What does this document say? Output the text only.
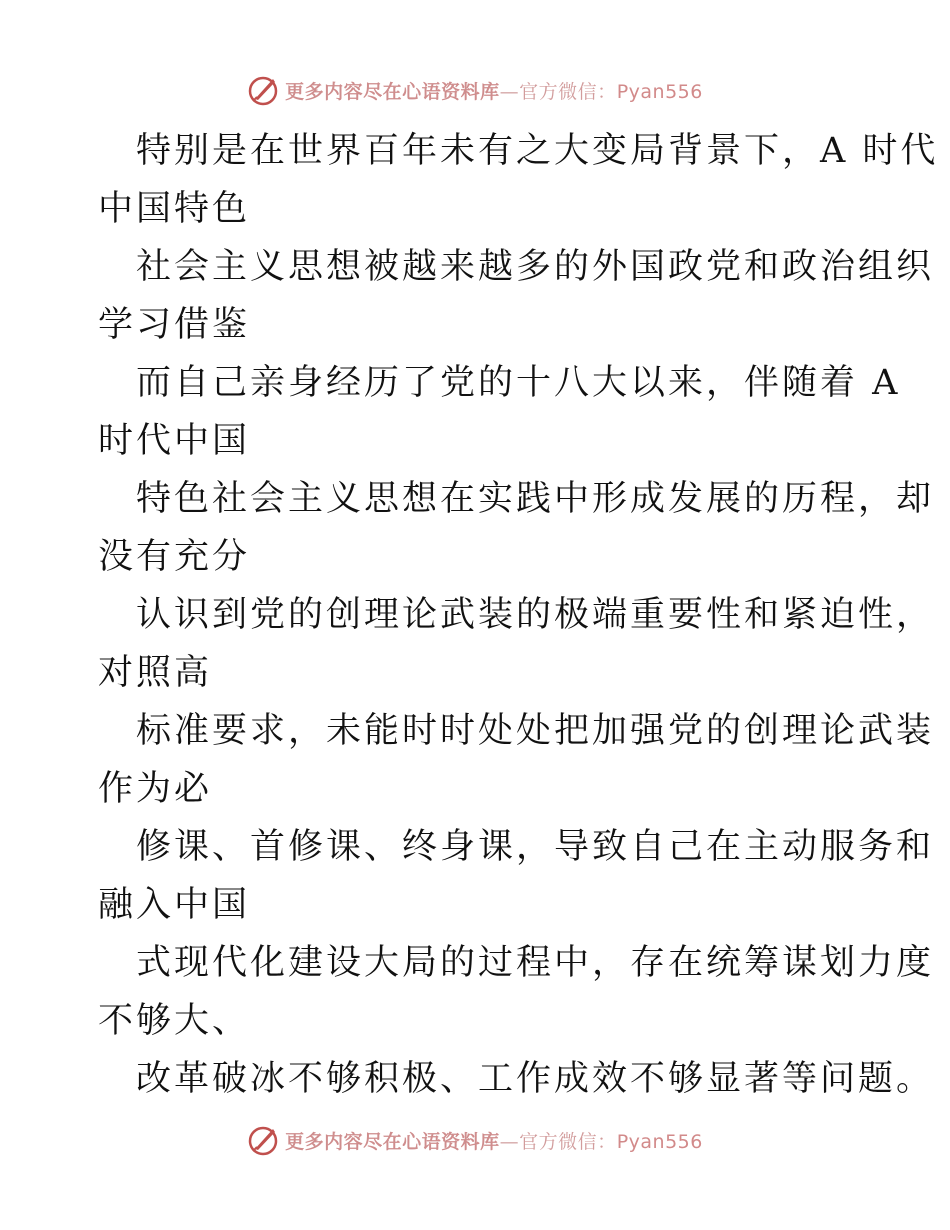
更多内容尽在心语资料库—官方微信：Pyan556
特别是在世界百年未有之大变局背景下，A 时代
中国特色
社会主义思想被越来越多的外国政党和政治组织
学习借鉴
而自己亲身经历了党的十八大以来，伴随着 A
时代中国
特色社会主义思想在实践中形成发展的历程，却
没有充分
认识到党的创理论武装的极端重要性和紧迫性，
对照高
标准要求，未能时时处处把加强党的创理论武装
作为必
修课、首修课、终身课，导致自己在主动服务和
融入中国
式现代化建设大局的过程中，存在统筹谋划力度
不够大、
改革破冰不够积极、工作成效不够显著等问题。
更多内容尽在心语资料库—官方微信：Pyan556
